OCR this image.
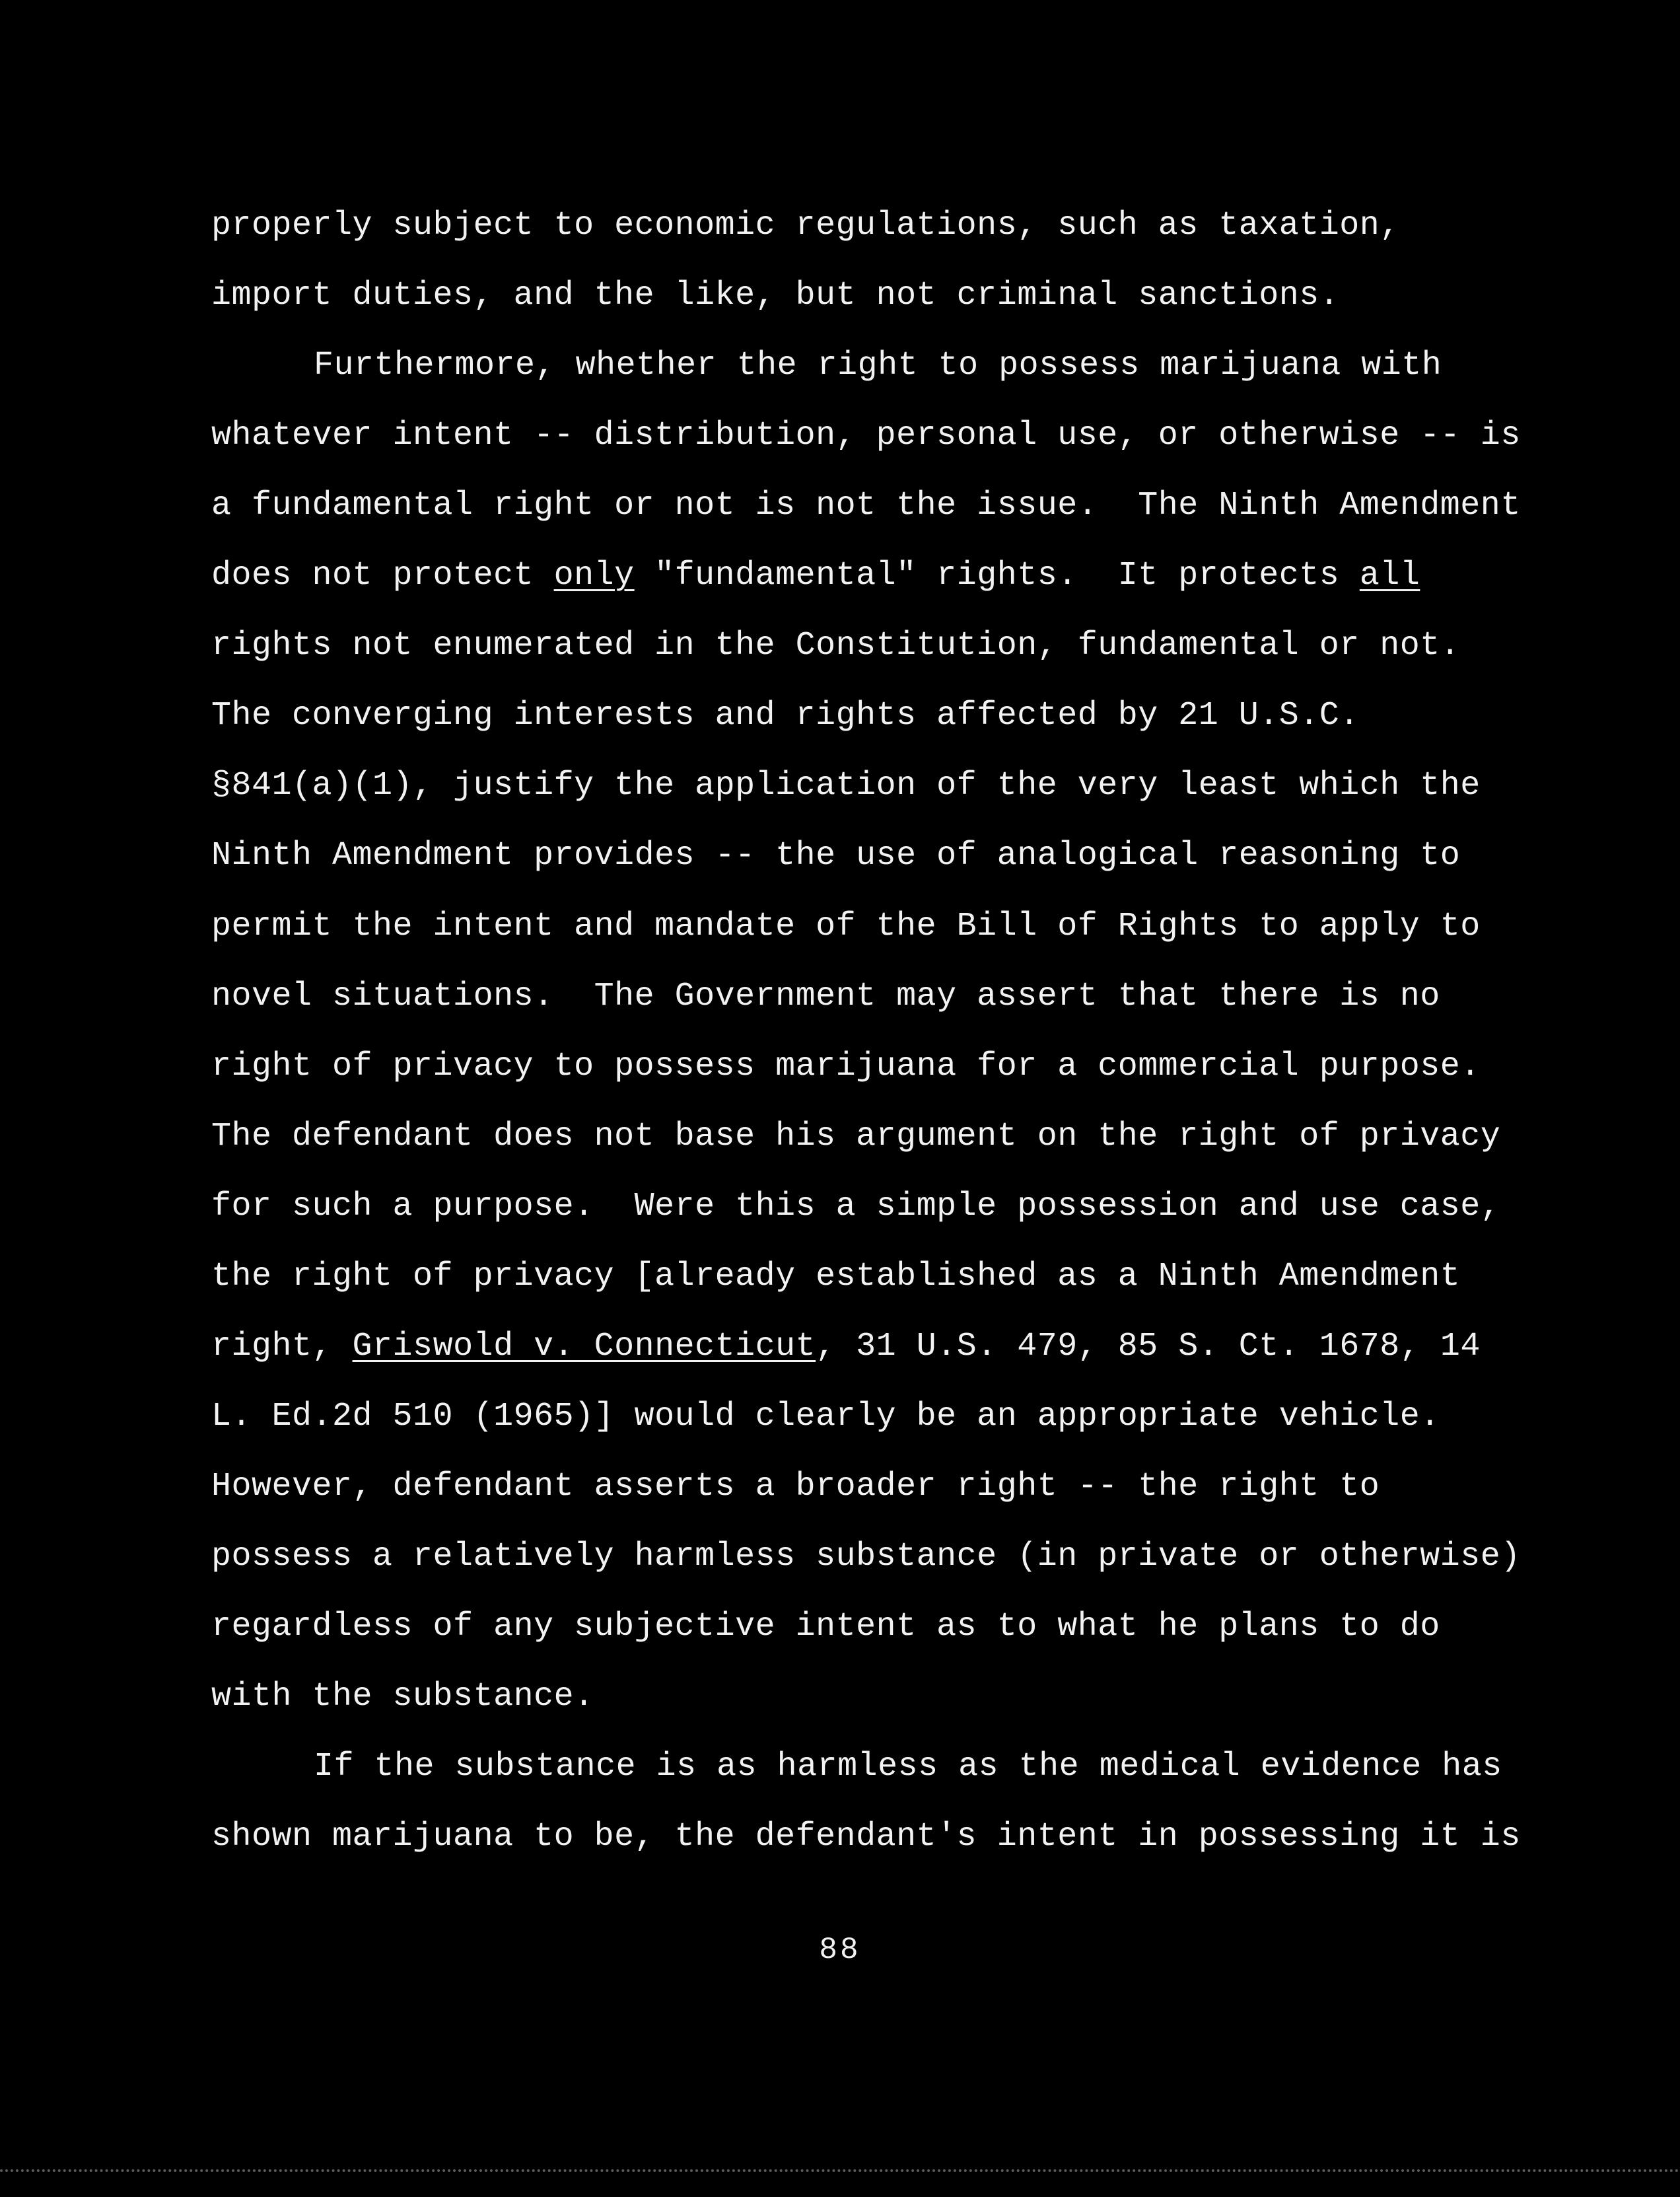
properly subject to economic regulations, such as taxation,
import duties, and the like, but not criminal sanctions.
Furthermore, whether the right to possess marijuana with
whatever intent -- distribution, personal use, or otherwise -- is
a fundamental right or not is not the issue.  The Ninth Amendment
does not protect only "fundamental" rights.  It protects all
rights not enumerated in the Constitution, fundamental or not.
The converging interests and rights affected by 21 U.S.C.
§841(a)(1), justify the application of the very least which the
Ninth Amendment provides -- the use of analogical reasoning to
permit the intent and mandate of the Bill of Rights to apply to
novel situations.  The Government may assert that there is no
right of privacy to possess marijuana for a commercial purpose.
The defendant does not base his argument on the right of privacy
for such a purpose.  Were this a simple possession and use case,
the right of privacy [already established as a Ninth Amendment
right, Griswold v. Connecticut, 31 U.S. 479, 85 S. Ct. 1678, 14
L. Ed.2d 510 (1965)] would clearly be an appropriate vehicle.
However, defendant asserts a broader right -- the right to
possess a relatively harmless substance (in private or otherwise)
regardless of any subjective intent as to what he plans to do
with the substance.
If the substance is as harmless as the medical evidence has
shown marijuana to be, the defendant's intent in possessing it is
88
